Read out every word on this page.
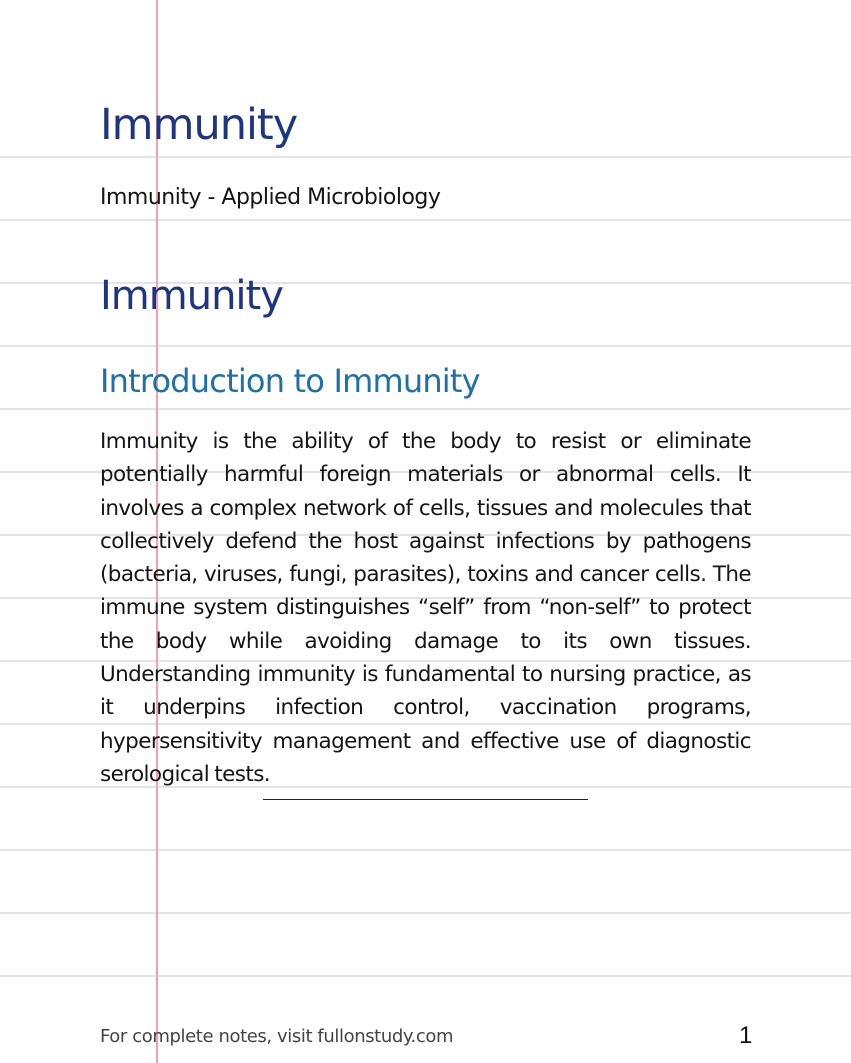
Immunity
Immunity - Applied Microbiology
Immunity
Introduction to Immunity
Immunity is the ability of the body to resist or eliminate potentially harmful foreign materials or abnormal cells. It involves a complex network of cells, tissues and molecules that collectively defend the host against infections by pathogens (bacteria, viruses, fungi, parasites), toxins and cancer cells. The immune system distinguishes “self” from “non-self” to protect the body while avoiding damage to its own tissues. Understanding immunity is fundamental to nursing practice, as it underpins infection control, vaccination programs, hypersensitivity management and effective use of diagnostic serological tests.
For complete notes, visit fullonstudy.com	1
